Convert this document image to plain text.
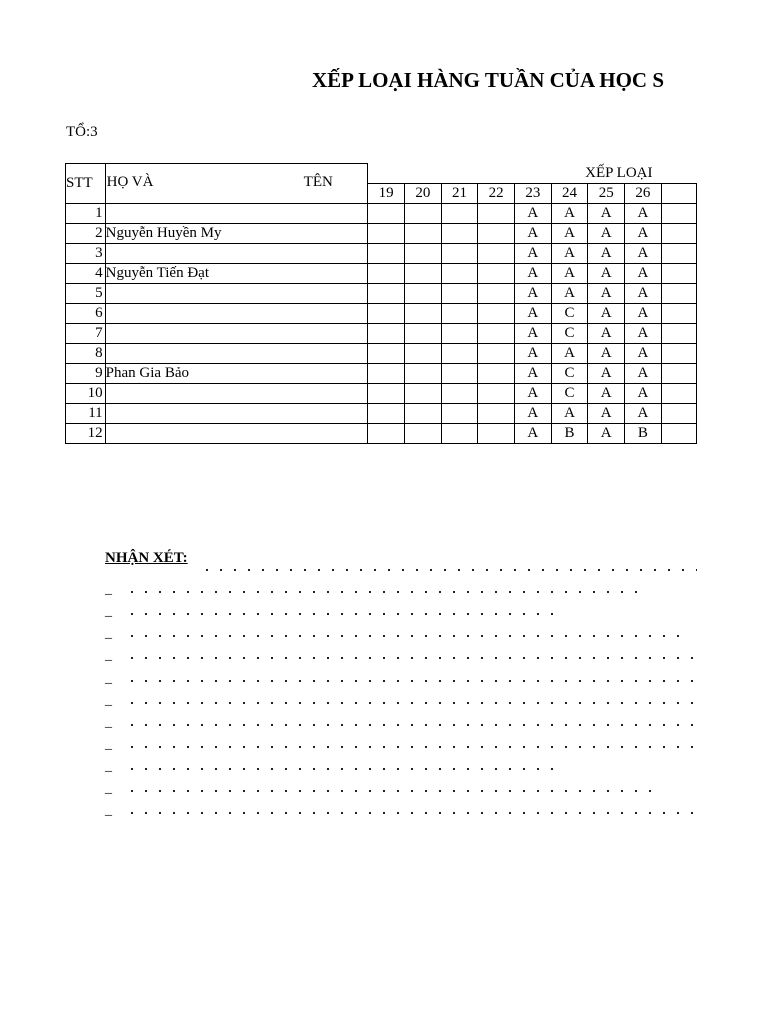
XẾP LOẠI HÀNG TUẦN CỦA HỌC S
TỔ:3
STT	HỌ VÀ TÊN	XẾP LOẠI								
		19	20	21	22	23	24	25	26	
1						A	A	A	A	
2	Nguyễn Huyền My					A	A	A	A	
3						A	A	A	A	
4	Nguyễn Tiến Đạt					A	A	A	A	
5						A	A	A	A	
6						A	C	A	A	
7						A	C	A	A	
8						A	A	A	A	
9	Phan Gia Bảo					A	C	A	A	
10						A	C	A	A	
11						A	A	A	A	
12						A	B	A	B	
NHẬN XÉT:
_
_
_
_
_
_
_
_
_
_
_
